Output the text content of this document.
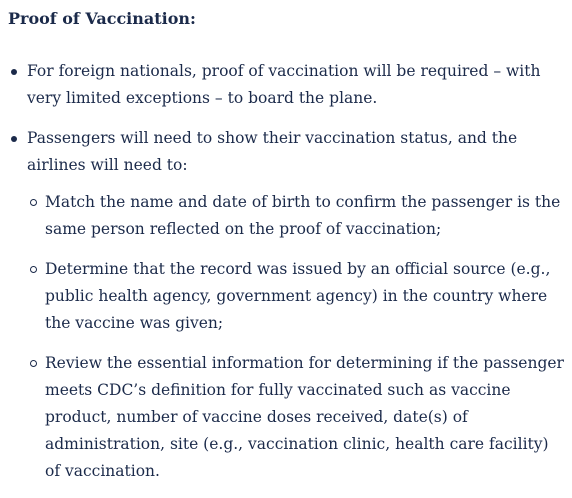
Proof of Vaccination:
For foreign nationals, proof of vaccination will be required – with very limited exceptions – to board the plane.
Passengers will need to show their vaccination status, and the airlines will need to:
Match the name and date of birth to confirm the passenger is the same person reflected on the proof of vaccination;
Determine that the record was issued by an official source (e.g., public health agency, government agency) in the country where the vaccine was given;
Review the essential information for determining if the passenger meets CDC’s definition for fully vaccinated such as vaccine product, number of vaccine doses received, date(s) of administration, site (e.g., vaccination clinic, health care facility) of vaccination.
